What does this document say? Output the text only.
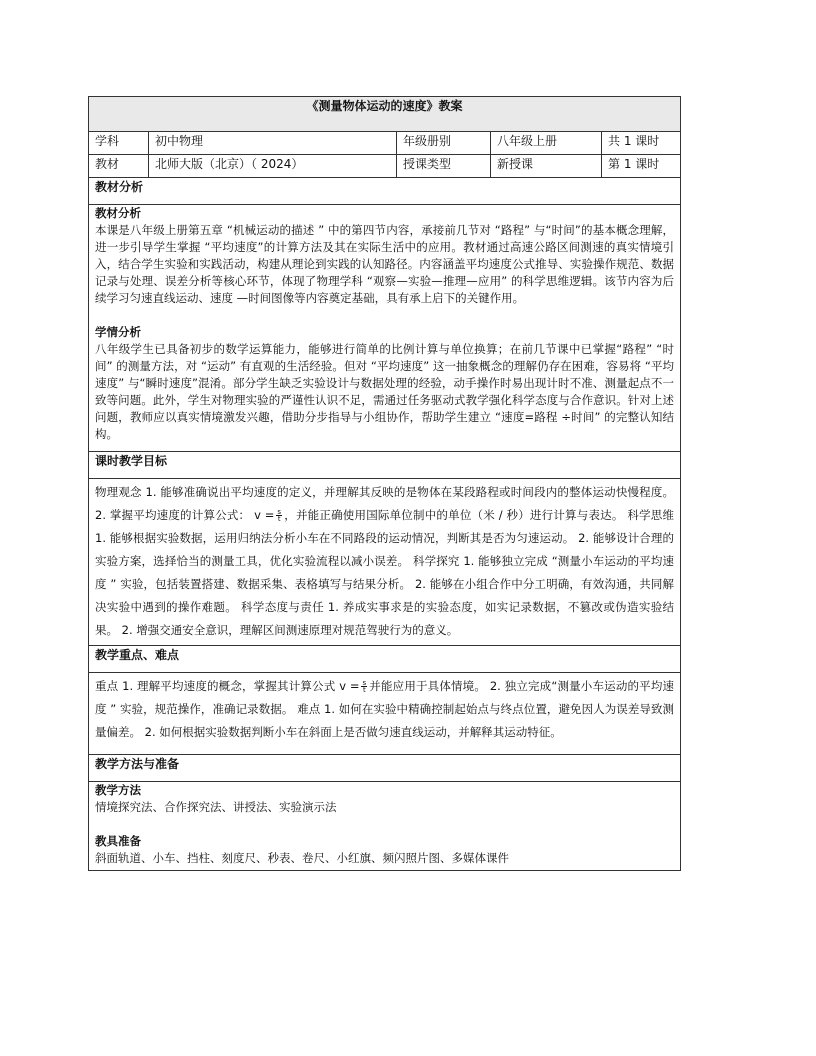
《测量物体运动的速度》教案				
学科	初中物理	年级册别	八年级上册	共 1 课时
教材	北师大版（北京）（ 2024）	授课类型	新授课	第 1 课时
教材分析				

教材分析

本课是八年级上册第五章 “机械运动的描述 ” 中的第四节内容，承接前几节对 “路程” 与“时间”的基本概念理解，进一步引导学生掌握 “平均速度”的计算方法及其在实际生活中的应用。教材通过高速公路区间测速的真实情境引入，结合学生实验和实践活动，构建从理论到实践的认知路径。内容涵盖平均速度公式推导、实验操作规范、数据记录与处理、误差分析等核心环节，体现了物理学科 “观察—实验—推理—应用” 的科学思维逻辑。该节内容为后续学习匀速直线运动、速度 —时间图像等内容奠定基础，具有承上启下的关键作用。

学情分析

八年级学生已具备初步的数学运算能力，能够进行简单的比例计算与单位换算；在前几节课中已掌握“路程” “时间” 的测量方法，对 “运动” 有直观的生活经验。但对 “平均速度” 这一抽象概念的理解仍存在困难，容易将 “平均速度” 与“瞬时速度”混淆。部分学生缺乏实验设计与数据处理的经验，动手操作时易出现计时不准、测量起点不一致等问题。此外，学生对物理实验的严谨性认识不足，需通过任务驱动式教学强化科学态度与合作意识。针对上述问题，教师应以真实情境激发兴趣，借助分步指导与小组协作，帮助学生建立 “速度=路程 ÷时间” 的完整认知结构。				

课时教学目标				

物理观念 1. 能够准确说出平均速度的定义，并理解其反映的是物体在某段路程或时间段内的整体运动快慢程度。 2. 掌握平均速度的计算公式： $v = \frac{s}{t}$ ，并能正确使用国际单位制中的单位（米 / 秒）进行计算与表达。 科学思维 1. 能够根据实验数据，运用归纳法分析小车在不同路段的运动情况，判断其是否为匀速运动。 2. 能够设计合理的实验方案，选择恰当的测量工具，优化实验流程以减小误差。 科学探究 1. 能够独立完成 “测量小车运动的平均速度 ” 实验，包括装置搭建、数据采集、表格填写与结果分析。 2. 能够在小组合作中分工明确，有效沟通，共同解决实验中遇到的操作难题。 科学态度与责任 1. 养成实事求是的实验态度，如实记录数据，不篡改或伪造实验结果。 2. 增强交通安全意识，理解区间测速原理对规范驾驶行为的意义。				

教学重点、难点				

重点 1. 理解平均速度的概念，掌握其计算公式 $v = \frac{s}{t}$ 并能应用于具体情境。 2. 独立完成“测量小车运动的平均速度 ” 实验，规范操作，准确记录数据。 难点 1. 如何在实验中精确控制起始点与终点位置，避免因人为误差导致测量偏差。 2. 如何根据实验数据判断小车在斜面上是否做匀速直线运动，并解释其运动特征。				

教学方法与准备				

教学方法

情境探究法、合作探究法、讲授法、实验演示法

教具准备

斜面轨道、小车、挡柱、刻度尺、秒表、卷尺、小红旗、频闪照片图、多媒体课件				
